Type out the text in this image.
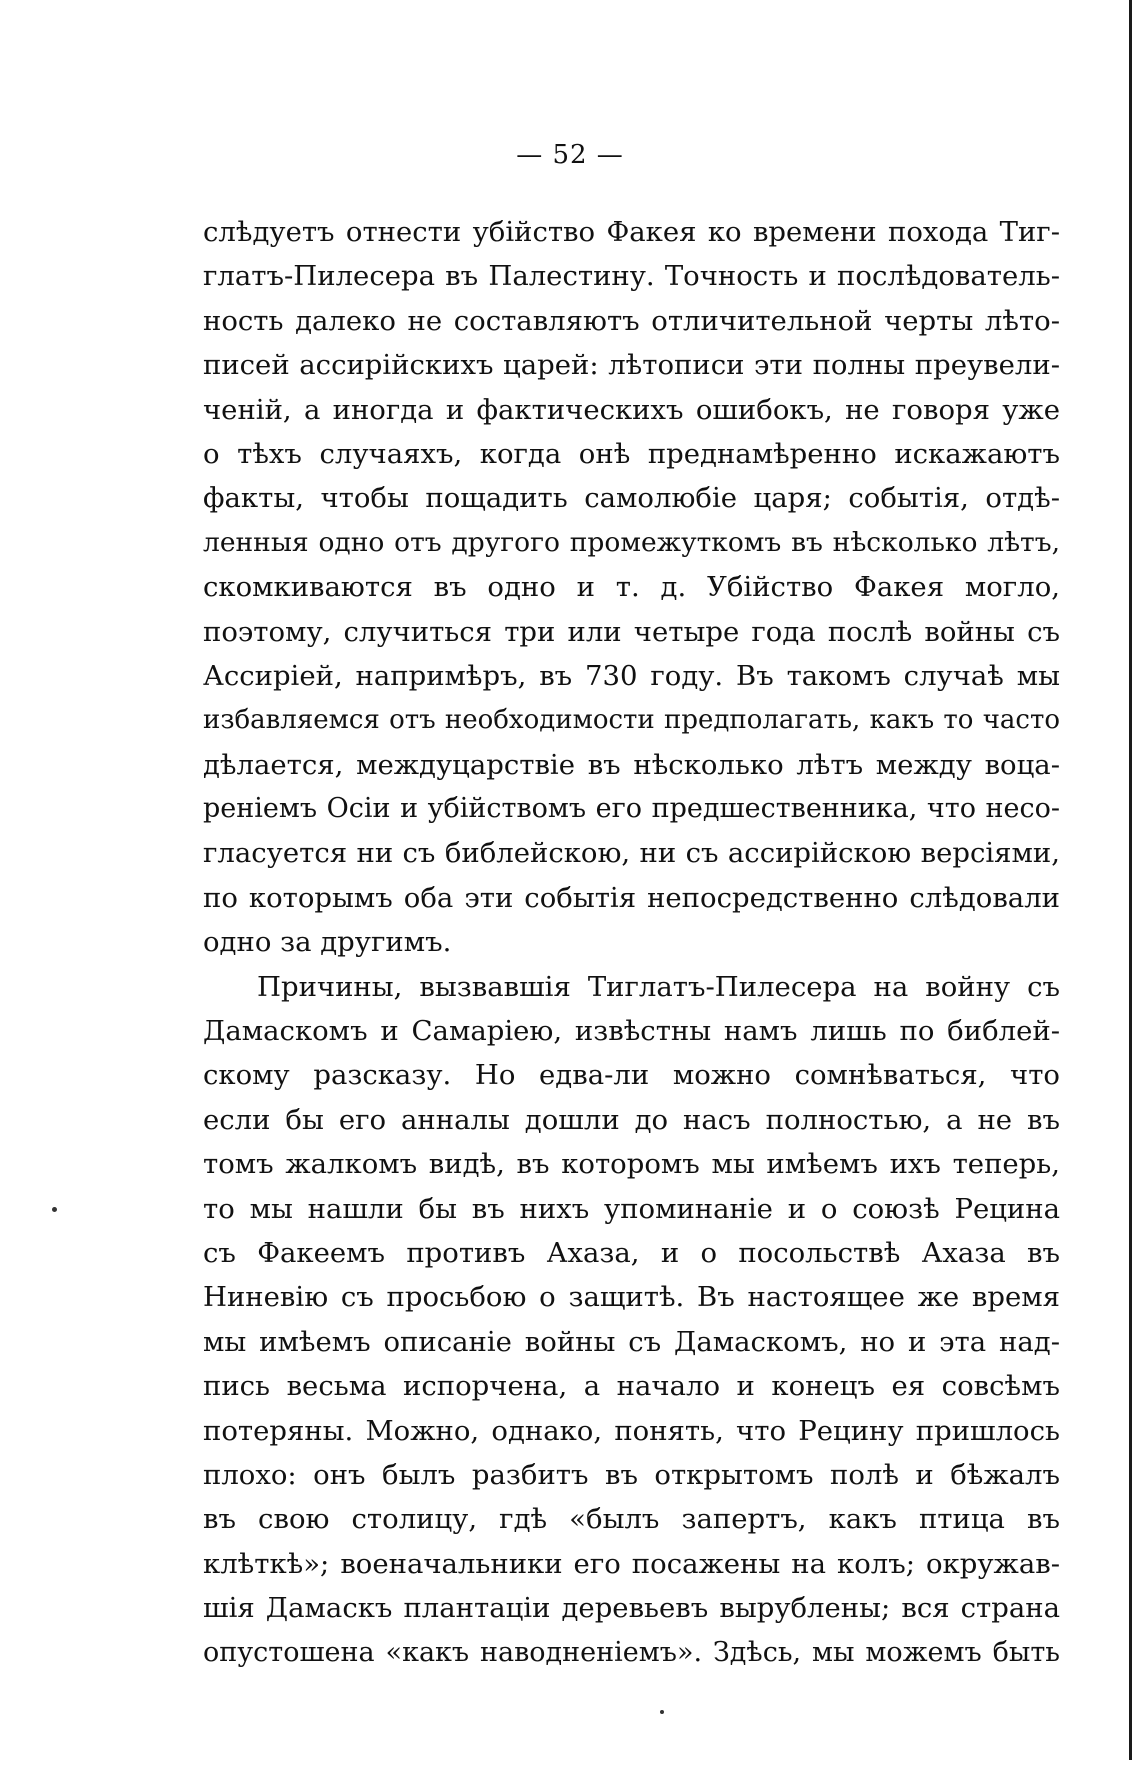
— 52 —
слѣдуетъ отнести убійство Факея ко времени похода Тиг-
глатъ-Пилесера въ Палестину. Точность и послѣдователь-
ность далеко не составляютъ отличительной черты лѣто-
писей ассирійскихъ царей: лѣтописи эти полны преувели-
ченій, а иногда и фактическихъ ошибокъ, не говоря уже
о тѣхъ случаяхъ, когда онѣ преднамѣренно искажаютъ
факты, чтобы пощадить самолюбіе царя; событія, отдѣ-
ленныя одно отъ другого промежуткомъ въ нѣсколько лѣтъ,
скомкиваются въ одно и т. д. Убійство Факея могло,
поэтому, случиться три или четыре года послѣ войны съ
Ассиріей, напримѣръ, въ 730 году. Въ такомъ случаѣ мы
избавляемся отъ необходимости предполагать, какъ то часто
дѣлается, междуцарствіе въ нѣсколько лѣтъ между воца-
реніемъ Осіи и убійствомъ его предшественника, что несо-
гласуется ни съ библейскою, ни съ ассирійскою версіями,
по которымъ оба эти событія непосредственно слѣдовали
одно за другимъ.
Причины, вызвавшія Тиглатъ-Пилесера на войну съ
Дамаскомъ и Самаріею, извѣстны намъ лишь по библей-
скому разсказу. Но едва-ли можно сомнѣваться, что
если бы его анналы дошли до насъ полностью, а не въ
томъ жалкомъ видѣ, въ которомъ мы имѣемъ ихъ теперь,
то мы нашли бы въ нихъ упоминаніе и о союзѣ Рецина
съ Факеемъ противъ Ахаза, и о посольствѣ Ахаза въ
Ниневію съ просьбою о защитѣ. Въ настоящее же время
мы имѣемъ описаніе войны съ Дамаскомъ, но и эта над-
пись весьма испорчена, а начало и конецъ ея совсѣмъ
потеряны. Можно, однако, понять, что Рецину пришлось
плохо: онъ былъ разбитъ въ открытомъ полѣ и бѣжалъ
въ свою столицу, гдѣ «былъ запертъ, какъ птица въ
клѣткѣ»; военачальники его посажены на колъ; окружав-
шія Дамаскъ плантаціи деревьевъ вырублены; вся страна
опустошена «какъ наводненіемъ». Здѣсь, мы можемъ быть
